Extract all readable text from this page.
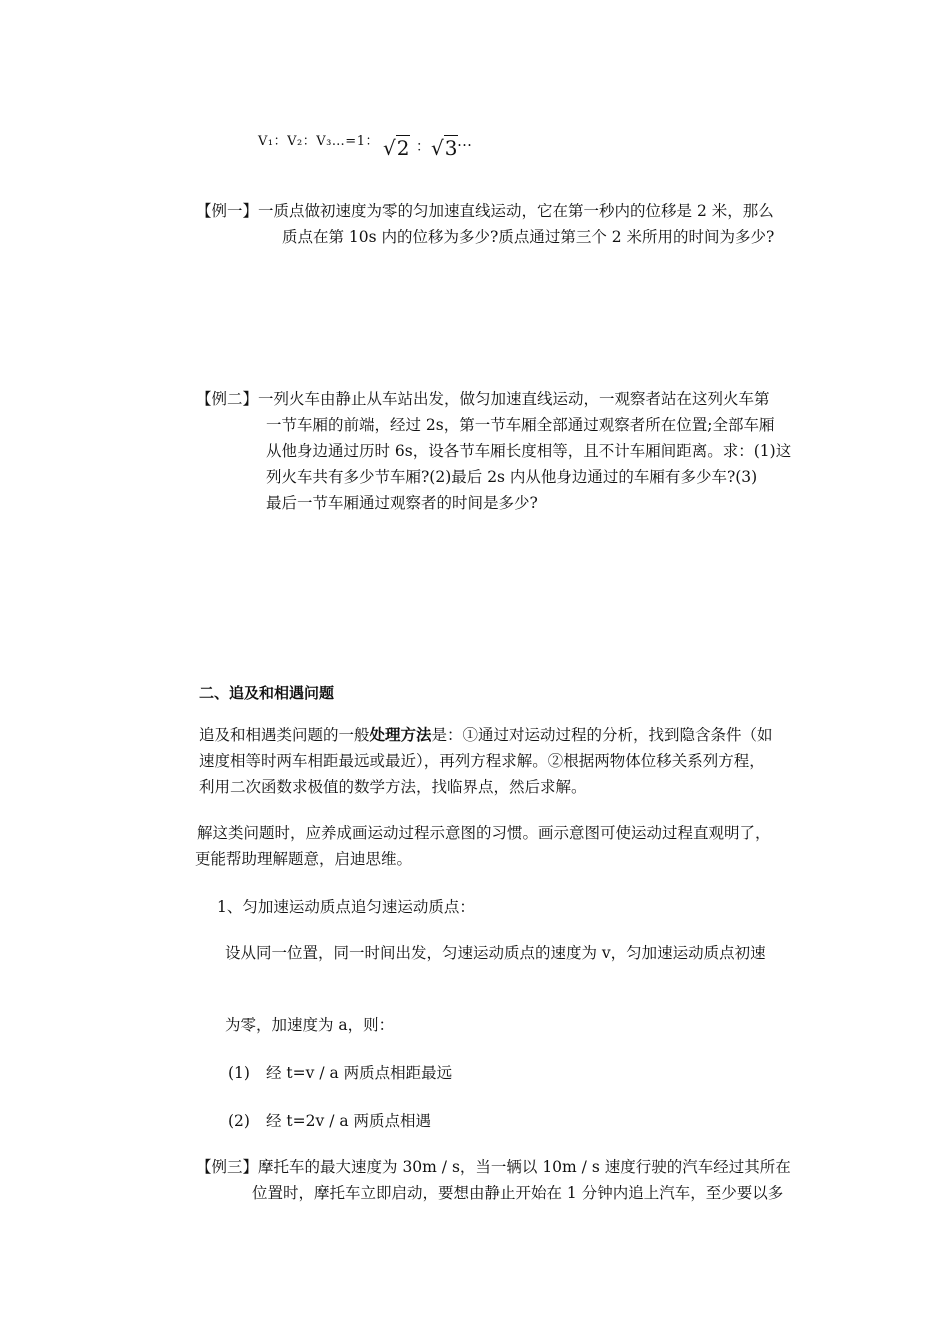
V₁：V₂：V₃…=1： √2 ： √3 …
【例一】一质点做初速度为零的匀加速直线运动，它在第一秒内的位移是 2 米，那么
质点在第 10s 内的位移为多少?质点通过第三个 2 米所用的时间为多少?
【例二】一列火车由静止从车站出发，做匀加速直线运动，一观察者站在这列火车第
一节车厢的前端，经过 2s，第一节车厢全部通过观察者所在位置;全部车厢
从他身边通过历时 6s，设各节车厢长度相等，且不计车厢间距离。求：(1)这
列火车共有多少节车厢?(2)最后 2s 内从他身边通过的车厢有多少车?(3)
最后一节车厢通过观察者的时间是多少?
二、追及和相遇问题
追及和相遇类问题的一般处理方法是：①通过对运动过程的分析，找到隐含条件（如
速度相等时两车相距最远或最近），再列方程求解。②根据两物体位移关系列方程，
利用二次函数求极值的数学方法，找临界点，然后求解。
解这类问题时，应养成画运动过程示意图的习惯。画示意图可使运动过程直观明了，
更能帮助理解题意，启迪思维。
1、匀加速运动质点追匀速运动质点：
设从同一位置，同一时间出发，匀速运动质点的速度为 v，匀加速运动质点初速
为零，加速度为 a，则：
(1) 经 t=v / a 两质点相距最远
(2) 经 t=2v / a 两质点相遇
【例三】摩托车的最大速度为 30m / s，当一辆以 10m / s 速度行驶的汽车经过其所在
位置时，摩托车立即启动，要想由静止开始在 1 分钟内追上汽车，至少要以多
